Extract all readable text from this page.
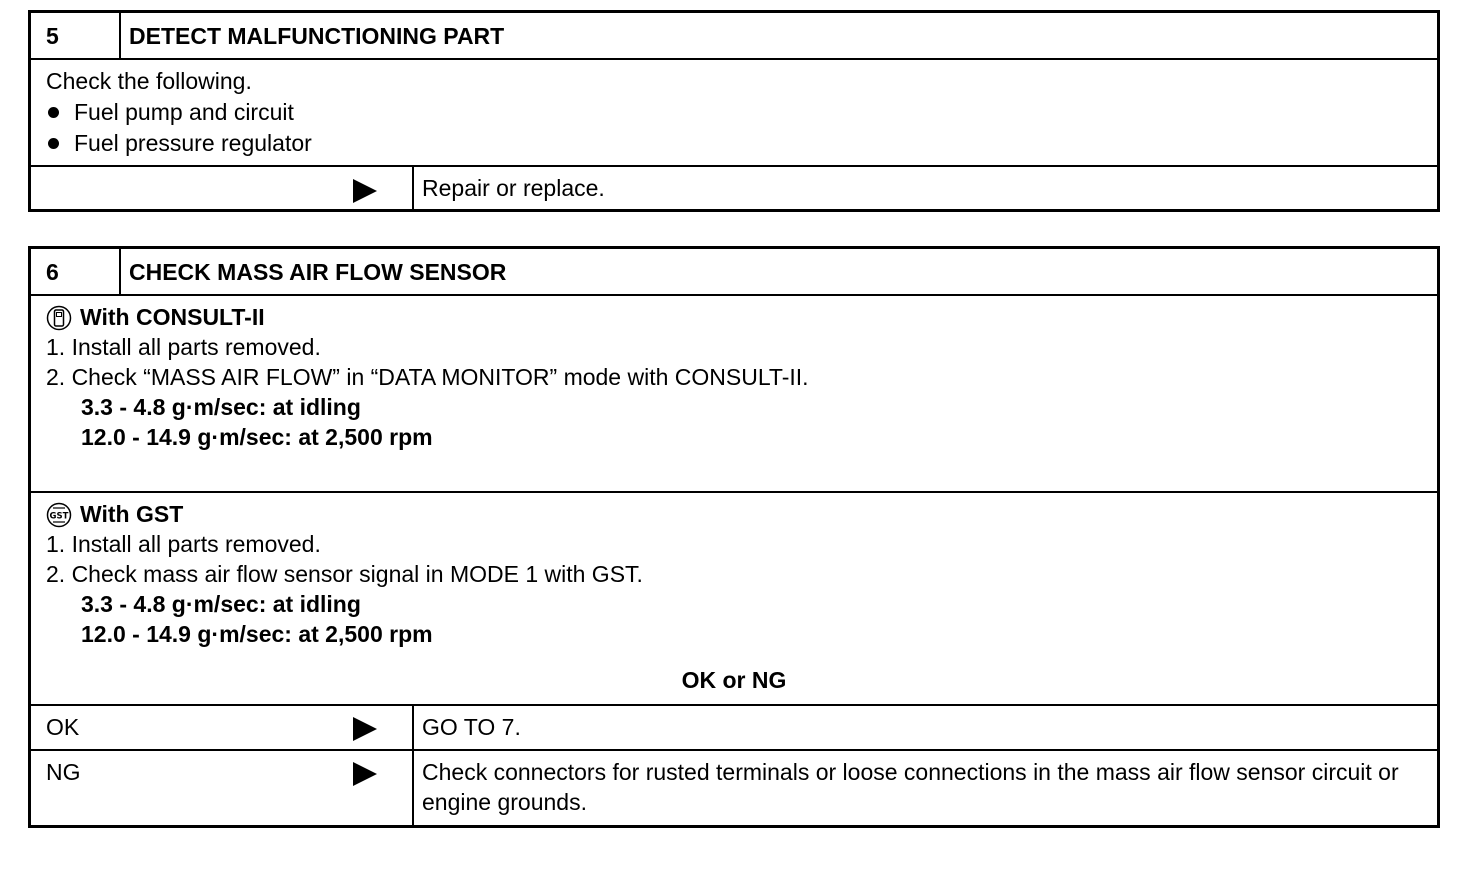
5	DETECT MALFUNCTIONING PART
Check the following.
Fuel pump and circuit
Fuel pressure regulator
Repair or replace.
6	CHECK MASS AIR FLOW SENSOR
With CONSULT-II
1. Install all parts removed.
2. Check “MASS AIR FLOW” in “DATA MONITOR” mode with CONSULT-II.
3.3 - 4.8 g·m/sec: at idling
12.0 - 14.9 g·m/sec: at 2,500 rpm
GST With GST
1. Install all parts removed.
2. Check mass air flow sensor signal in MODE 1 with GST.
3.3 - 4.8 g·m/sec: at idling
12.0 - 14.9 g·m/sec: at 2,500 rpm
OK or NG
OK	GO TO 7.
NG	Check connectors for rusted terminals or loose connections in the mass air flow sensor circuit or engine grounds.
